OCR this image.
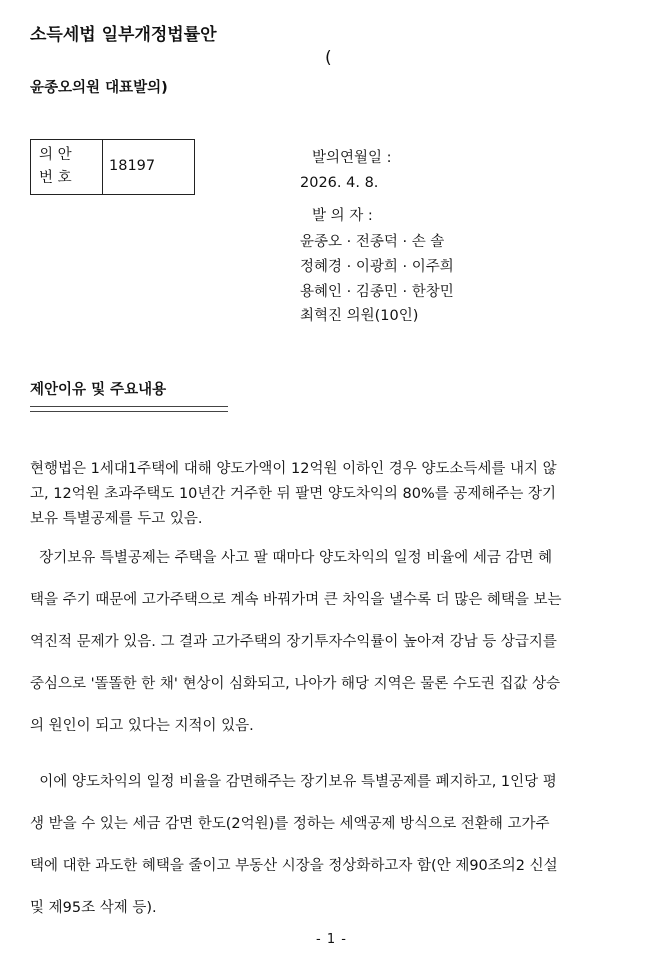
소득세법 일부개정법률안
(
윤종오의원 대표발의)
의 안
번 호
18197	발의연월일 :
2026. 4. 8.
발 의 자 :
윤종오 · 전종덕 · 손 솔
정혜경 · 이광희 · 이주희
용혜인 · 김종민 · 한창민
최혁진 의원(10인)
제안이유 및 주요내용
현행법은 1세대1주택에 대해 양도가액이 12억원 이하인 경우 양도소득세를 내지 않
고, 12억원 초과주택도 10년간 거주한 뒤 팔면 양도차익의 80%를 공제해주는 장기
보유 특별공제를 두고 있음.
장기보유 특별공제는 주택을 사고 팔 때마다 양도차익의 일정 비율에 세금 감면 혜
택을 주기 때문에 고가주택으로 계속 바꿔가며 큰 차익을 낼수록 더 많은 혜택을 보는
역진적 문제가 있음. 그 결과 고가주택의 장기투자수익률이 높아져 강남 등 상급지를
중심으로 '똘똘한 한 채' 현상이 심화되고, 나아가 해당 지역은 물론 수도권 집값 상승
의 원인이 되고 있다는 지적이 있음.
이에 양도차익의 일정 비율을 감면해주는 장기보유 특별공제를 폐지하고, 1인당 평
생 받을 수 있는 세금 감면 한도(2억원)를 정하는 세액공제 방식으로 전환해 고가주
택에 대한 과도한 혜택을 줄이고 부동산 시장을 정상화하고자 함(안 제90조의2 신설
및 제95조 삭제 등).
- 1 -
